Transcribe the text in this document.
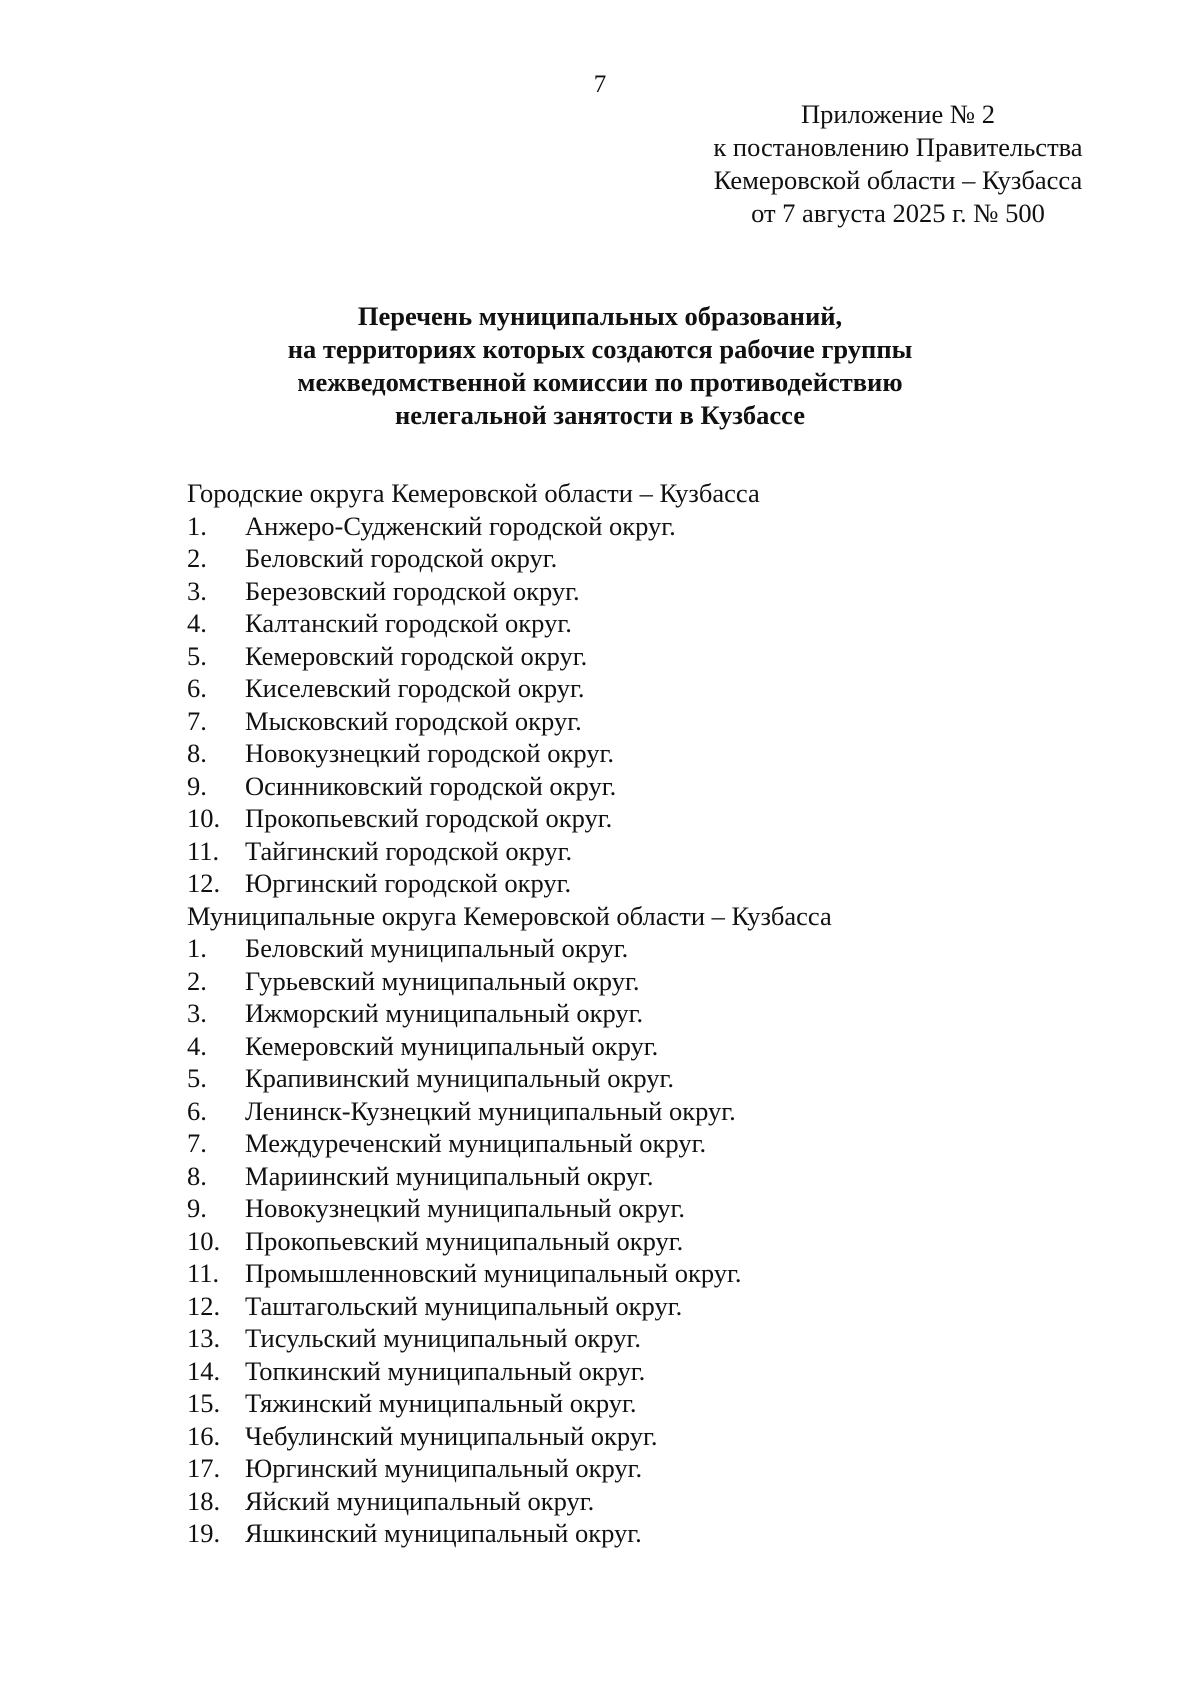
7
Приложение № 2
к постановлению Правительства
Кемеровской области – Кузбасса
от 7 августа 2025 г. № 500
Перечень муниципальных образований,
на территориях которых создаются рабочие группы
межведомственной комиссии по противодействию
нелегальной занятости в Кузбассе
Городские округа Кемеровской области – Кузбасса
1.	Анжеро-Судженский городской округ.
2.	Беловский городской округ.
3.	Березовский городской округ.
4.	Калтанский городской округ.
5.	Кемеровский городской округ.
6.	Киселевский городской округ.
7.	Мысковский городской округ.
8.	Новокузнецкий городской округ.
9.	Осинниковский городской округ.
10. Прокопьевский городской округ.
11. Тайгинский городской округ.
12. Юргинский городской округ.
Муниципальные округа Кемеровской области – Кузбасса
1.	Беловский муниципальный округ.
2.	Гурьевский муниципальный округ.
3.	Ижморский муниципальный округ.
4.	Кемеровский муниципальный округ.
5.	Крапивинский муниципальный округ.
6.	Ленинск-Кузнецкий муниципальный округ.
7.	Междуреченский муниципальный округ.
8.	Мариинский муниципальный округ.
9.	Новокузнецкий муниципальный округ.
10. Прокопьевский муниципальный округ.
11. Промышленновский муниципальный округ.
12. Таштагольский муниципальный округ.
13. Тисульский муниципальный округ.
14. Топкинский муниципальный округ.
15. Тяжинский муниципальный округ.
16. Чебулинский муниципальный округ.
17. Юргинский муниципальный округ.
18. Яйский муниципальный округ.
19. Яшкинский муниципальный округ.
